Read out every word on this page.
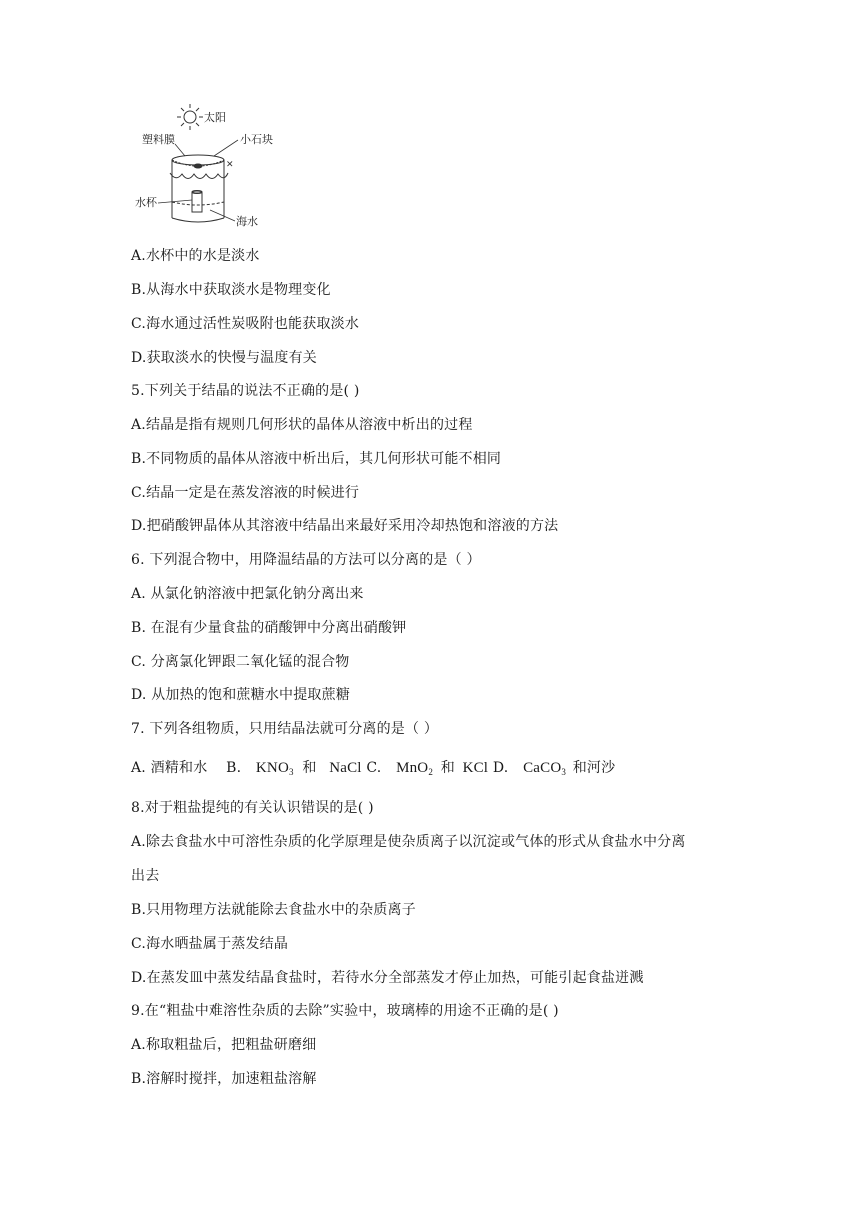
太阳
塑料膜	小石块
✕
水杯
海水
A.水杯中的水是淡水
B.从海水中获取淡水是物理变化
C.海水通过活性炭吸附也能获取淡水
D.获取淡水的快慢与温度有关
5.下列关于结晶的说法不正确的是( )
A.结晶是指有规则几何形状的晶体从溶液中析出的过程
B.不同物质的晶体从溶液中析出后，其几何形状可能不相同
C.结晶一定是在蒸发溶液的时候进行
D.把硝酸钾晶体从其溶液中结晶出来最好采用冷却热饱和溶液的方法
6. 下列混合物中，用降温结晶的方法可以分离的是（ ）
A. 从氯化钠溶液中把氯化钠分离出来
B. 在混有少量食盐的硝酸钾中分离出硝酸钾
C. 分离氯化钾跟二氧化锰的混合物
D. 从加热的饱和蔗糖水中提取蔗糖
7. 下列各组物质，只用结晶法就可分离的是（ ）
A. 酒精和水 B. $KNO_3$ 和 NaCl C. MnO$_2$ 和 KCl D. CaCO$_3$ 和河沙
8.对于粗盐提纯的有关认识错误的是( )
A.除去食盐水中可溶性杂质的化学原理是使杂质离子以沉淀或气体的形式从食盐水中分离
出去
B.只用物理方法就能除去食盐水中的杂质离子
C.海水晒盐属于蒸发结晶
D.在蒸发皿中蒸发结晶食盐时，若待水分全部蒸发才停止加热，可能引起食盐迸溅
9.在“粗盐中难溶性杂质的去除”实验中，玻璃棒的用途不正确的是( )
A.称取粗盐后，把粗盐研磨细
B.溶解时搅拌，加速粗盐溶解
